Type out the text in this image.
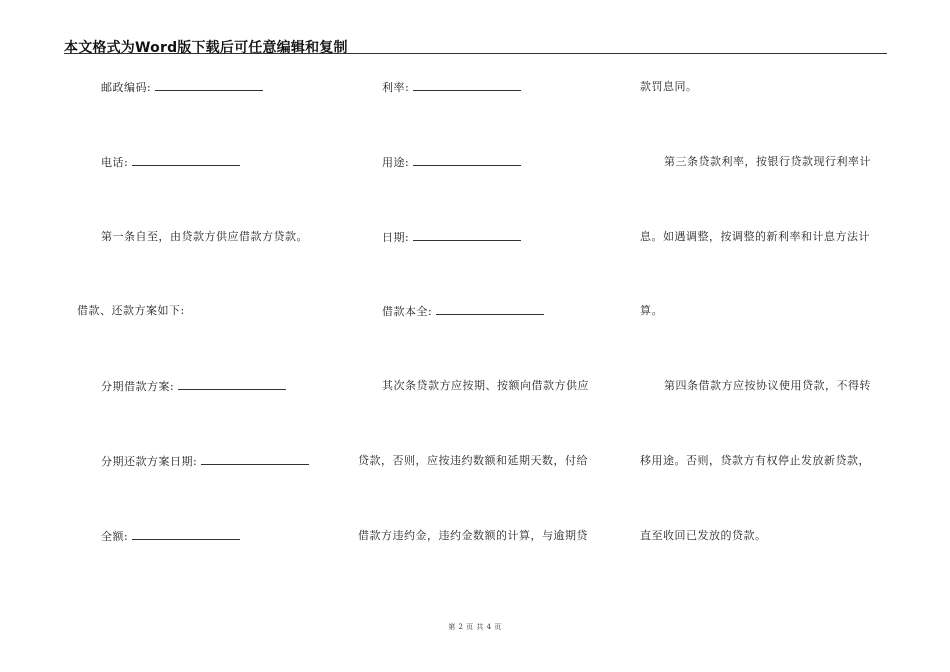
本文格式为Word版下载后可任意编辑和复制
邮政编码:
电话:
第一条自至，由贷款方供应借款方贷款。
借款、还款方案如下:
分期借款方案:
分期还款方案日期:
全额:
利率:
用途:
日期:
借款本全:
其次条贷款方应按期、按额向借款方供应
贷款，否则，应按违约数额和延期天数，付给
借款方违约金，违约金数额的计算，与逾期贷
款罚息同。
第三条贷款利率，按银行贷款现行利率计
息。如遇调整，按调整的新利率和计息方法计
算。
第四条借款方应按协议使用贷款，不得转
移用途。否则，贷款方有权停止发放新贷款，
直至收回已发放的贷款。
第 2 页 共 4 页
